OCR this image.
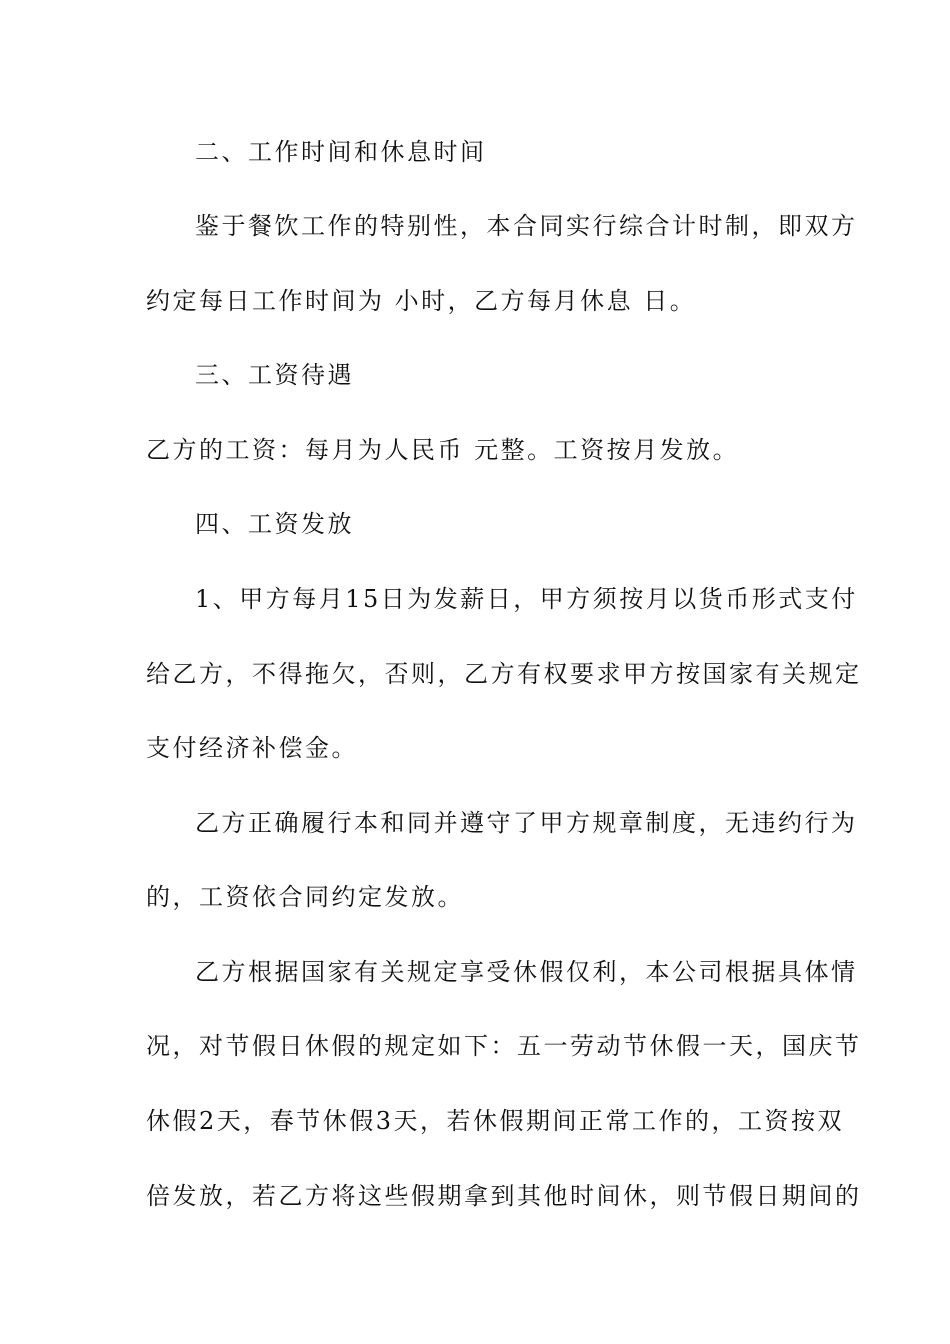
二、工作时间和休息时间
鉴于餐饮工作的特别性，本合同实行综合计时制，即双方
约定每日工作时间为 小时，乙方每月休息 日。
三、工资待遇
乙方的工资：每月为人民币 元整。工资按月发放。
四、工资发放
1、甲方每月15日为发薪日，甲方须按月以货币形式支付
给乙方，不得拖欠，否则，乙方有权要求甲方按国家有关规定
支付经济补偿金。
乙方正确履行本和同并遵守了甲方规章制度，无违约行为
的，工资依合同约定发放。
乙方根据国家有关规定享受休假仅利，本公司根据具体情
况，对节假日休假的规定如下：五一劳动节休假一天，国庆节
休假2天，春节休假3天，若休假期间正常工作的，工资按双
倍发放，若乙方将这些假期拿到其他时间休，则节假日期间的
